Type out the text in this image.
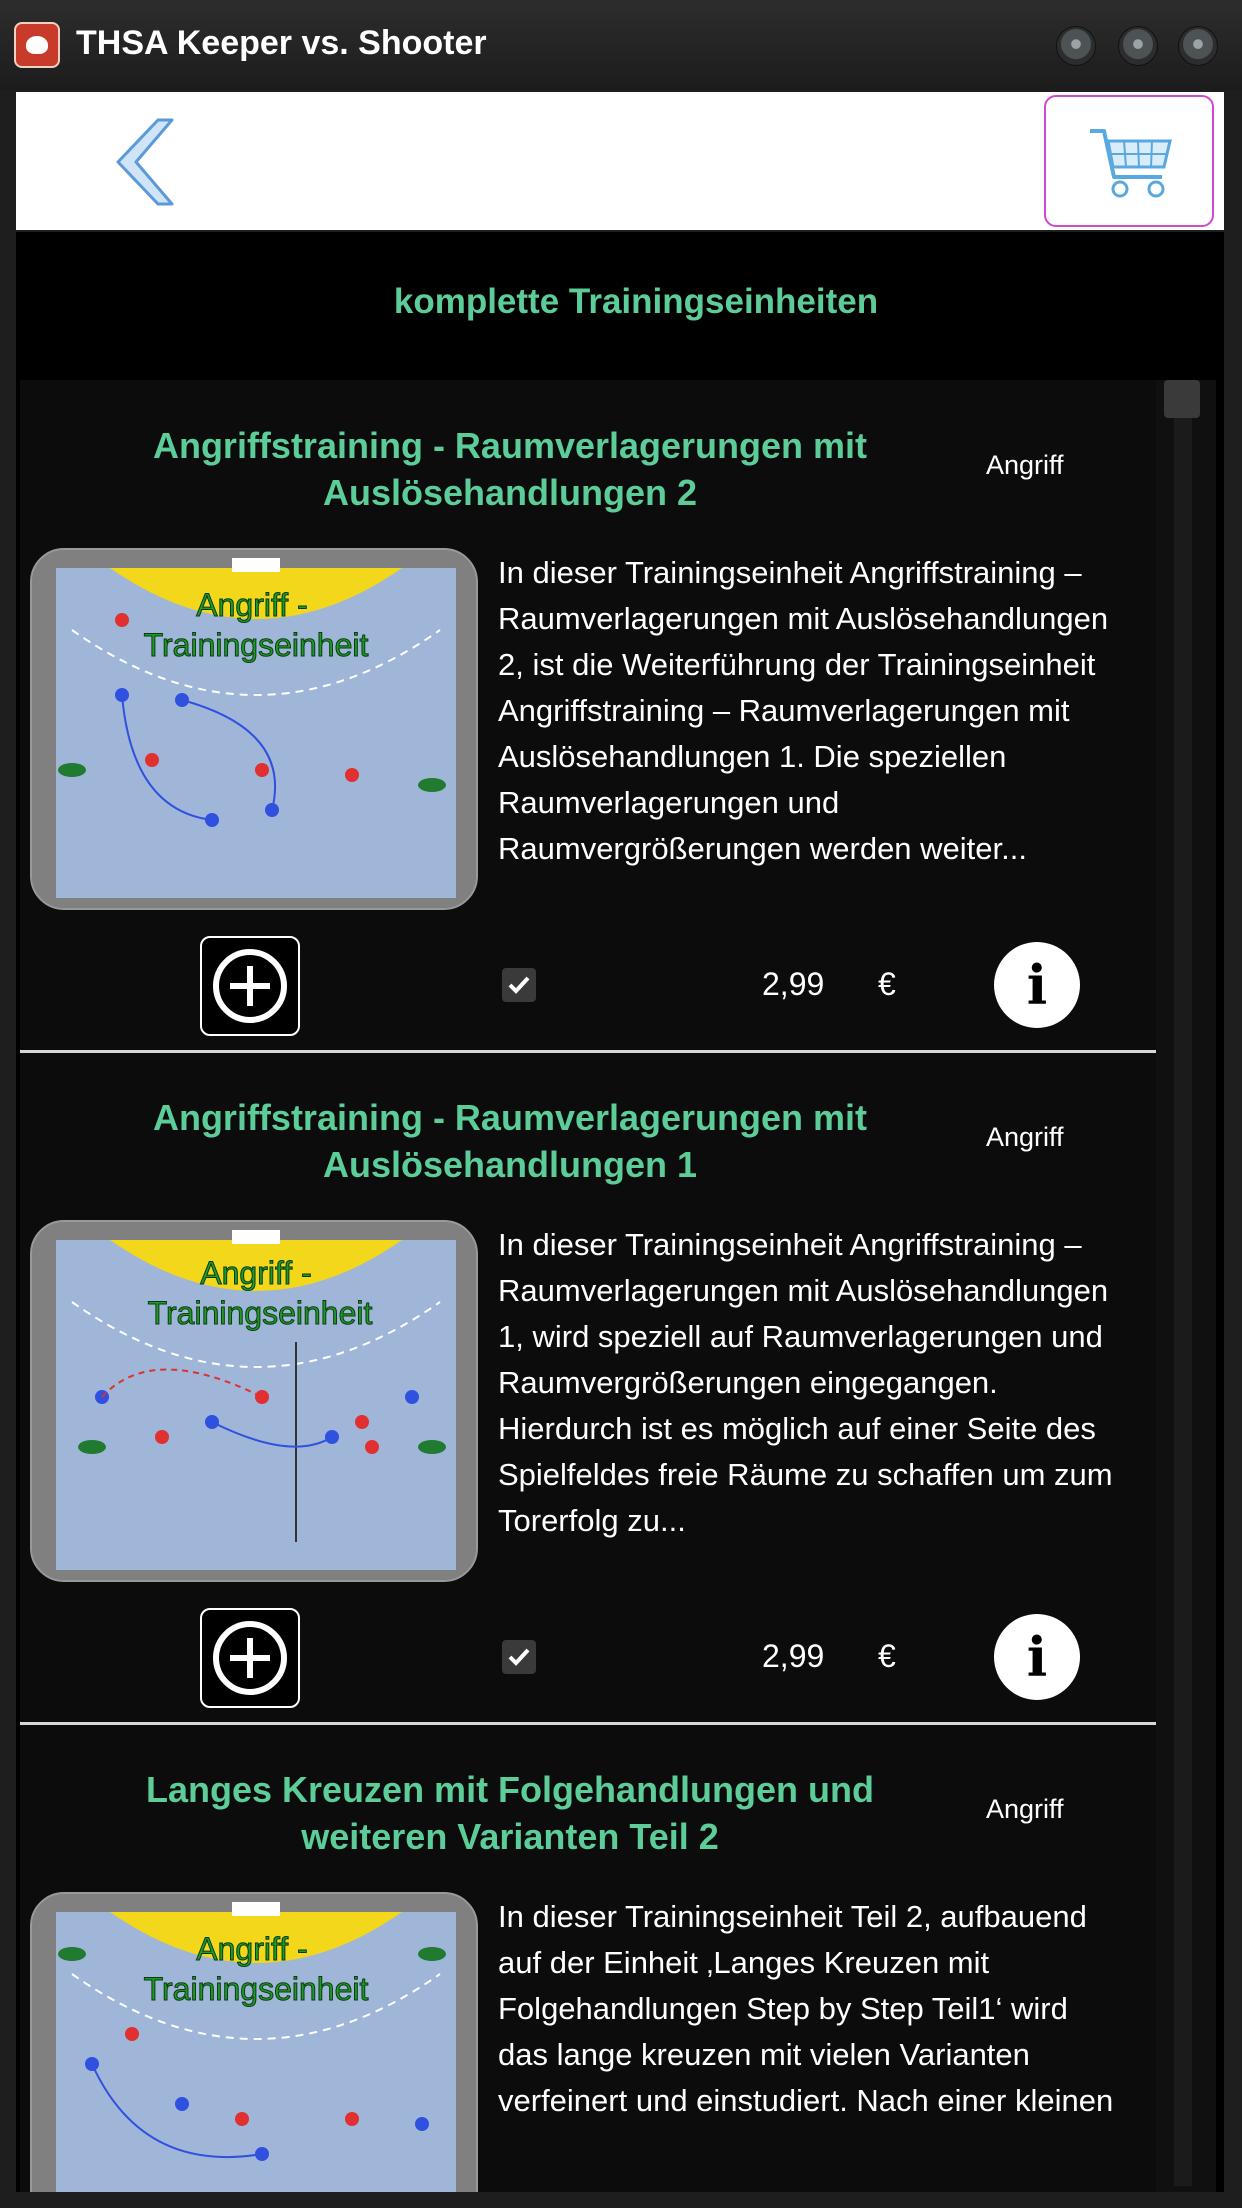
THSA Keeper vs. Shooter
komplette Trainingseinheiten
Angriffstraining - Raumverlagerungen mit Auslösehandlungen 2
Angriff
Angriff -
Trainingseinheit
In dieser Trainingseinheit Angriffstraining – Raumverlagerungen mit Auslösehandlungen 2, ist die Weiterführung der Trainingseinheit Angriffstraining – Raumverlagerungen mit Auslösehandlungen 1. Die speziellen Raumverlagerungen und Raumvergrößerungen werden weiter...
2,99 €	i
Angriffstraining - Raumverlagerungen mit Auslösehandlungen 1
Angriff
Angriff -
Trainingseinheit
In dieser Trainingseinheit Angriffstraining – Raumverlagerungen mit Auslösehandlungen 1, wird speziell auf Raumverlagerungen und Raumvergrößerungen eingegangen. Hierdurch ist es möglich auf einer Seite des Spielfeldes freie Räume zu schaffen um zum Torerfolg zu...
2,99 €	i
Langes Kreuzen mit Folgehandlungen und weiteren Varianten Teil 2
Angriff
Angriff -
Trainingseinheit
In dieser Trainingseinheit Teil 2, aufbauend auf der Einheit ‚Langes Kreuzen mit Folgehandlungen Step by Step Teil1‘ wird das lange kreuzen mit vielen Varianten verfeinert und einstudiert. Nach einer kleinen
